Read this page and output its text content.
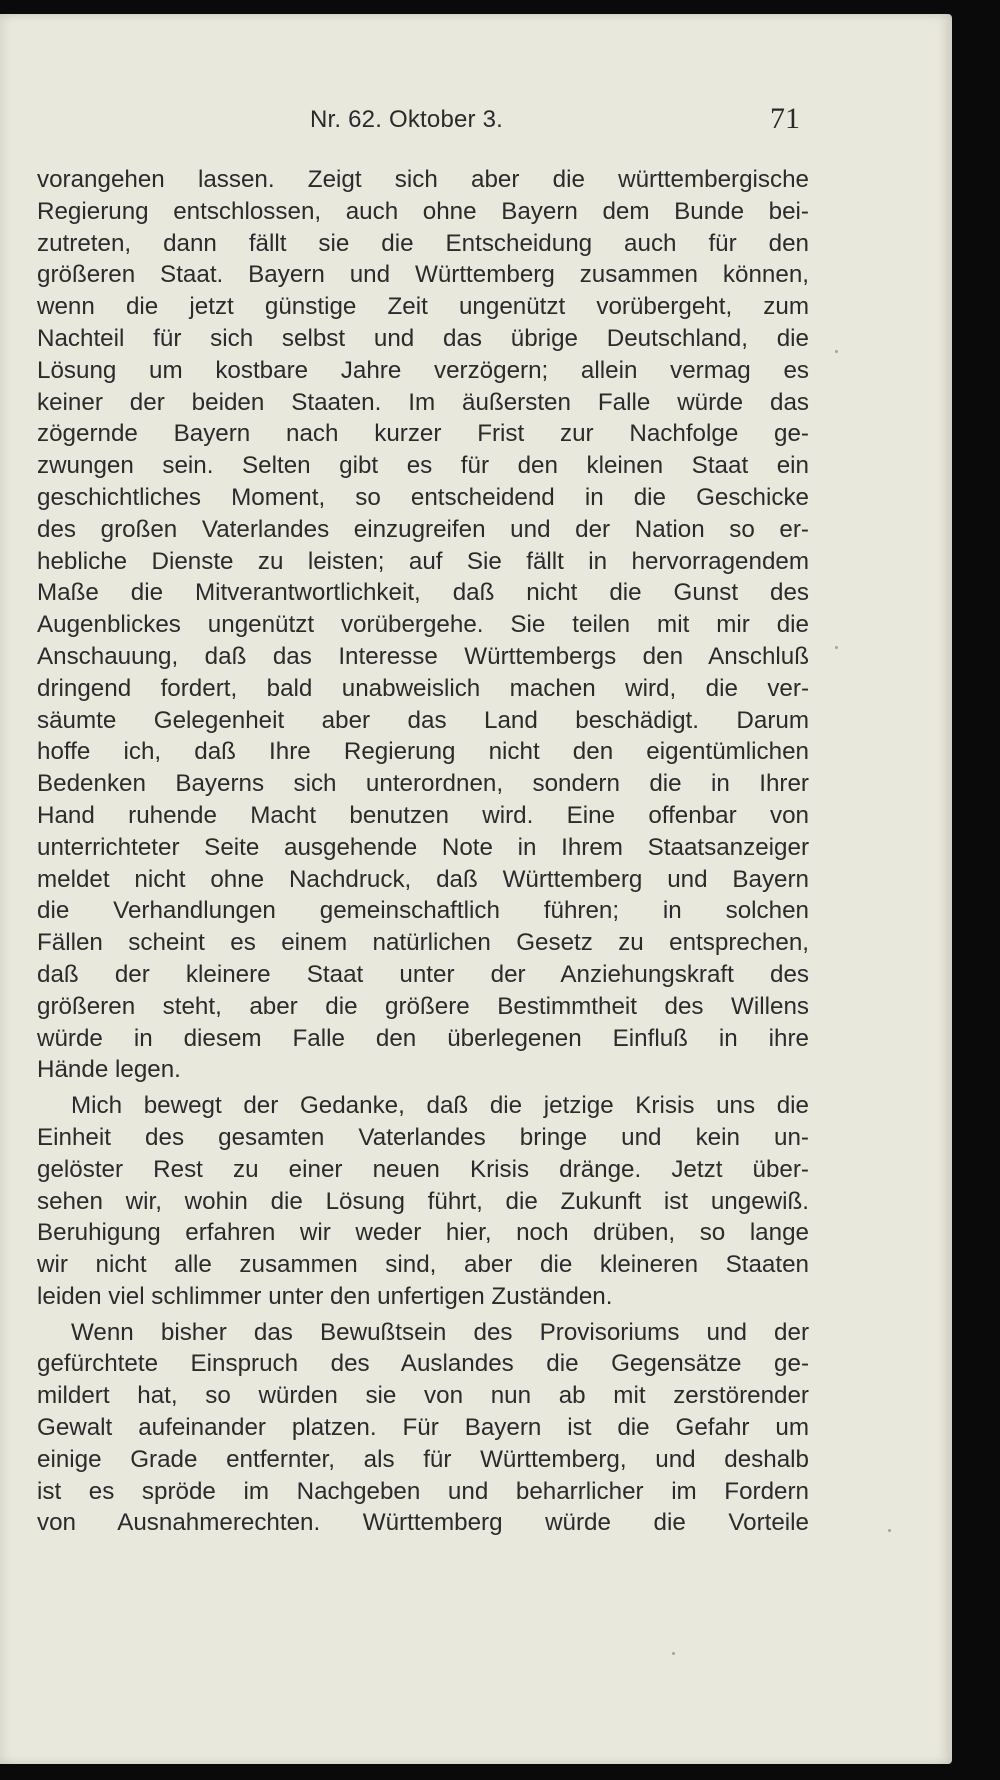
Nr. 62. Oktober 3.	71
vorangehen lassen. Zeigt sich aber die württembergische
Regierung entschlossen, auch ohne Bayern dem Bunde bei-
zutreten, dann fällt sie die Entscheidung auch für den
größeren Staat. Bayern und Württemberg zusammen können,
wenn die jetzt günstige Zeit ungenützt vorübergeht, zum
Nachteil für sich selbst und das übrige Deutschland, die
Lösung um kostbare Jahre verzögern; allein vermag es
keiner der beiden Staaten. Im äußersten Falle würde das
zögernde Bayern nach kurzer Frist zur Nachfolge ge-
zwungen sein. Selten gibt es für den kleinen Staat ein
geschichtliches Moment, so entscheidend in die Geschicke
des großen Vaterlandes einzugreifen und der Nation so er-
hebliche Dienste zu leisten; auf Sie fällt in hervorragendem
Maße die Mitverantwortlichkeit, daß nicht die Gunst des
Augenblickes ungenützt vorübergehe. Sie teilen mit mir die
Anschauung, daß das Interesse Württembergs den Anschluß
dringend fordert, bald unabweislich machen wird, die ver-
säumte Gelegenheit aber das Land beschädigt. Darum
hoffe ich, daß Ihre Regierung nicht den eigentümlichen
Bedenken Bayerns sich unterordnen, sondern die in Ihrer
Hand ruhende Macht benutzen wird. Eine offenbar von
unterrichteter Seite ausgehende Note in Ihrem Staatsanzeiger
meldet nicht ohne Nachdruck, daß Württemberg und Bayern
die Verhandlungen gemeinschaftlich führen; in solchen
Fällen scheint es einem natürlichen Gesetz zu entsprechen,
daß der kleinere Staat unter der Anziehungskraft des
größeren steht, aber die größere Bestimmtheit des Willens
würde in diesem Falle den überlegenen Einfluß in ihre
Hände legen.
Mich bewegt der Gedanke, daß die jetzige Krisis uns die
Einheit des gesamten Vaterlandes bringe und kein un-
gelöster Rest zu einer neuen Krisis dränge. Jetzt über-
sehen wir, wohin die Lösung führt, die Zukunft ist ungewiß.
Beruhigung erfahren wir weder hier, noch drüben, so lange
wir nicht alle zusammen sind, aber die kleineren Staaten
leiden viel schlimmer unter den unfertigen Zuständen.
Wenn bisher das Bewußtsein des Provisoriums und der
gefürchtete Einspruch des Auslandes die Gegensätze ge-
mildert hat, so würden sie von nun ab mit zerstörender
Gewalt aufeinander platzen. Für Bayern ist die Gefahr um
einige Grade entfernter, als für Württemberg, und deshalb
ist es spröde im Nachgeben und beharrlicher im Fordern
von Ausnahmerechten. Württemberg würde die Vorteile
